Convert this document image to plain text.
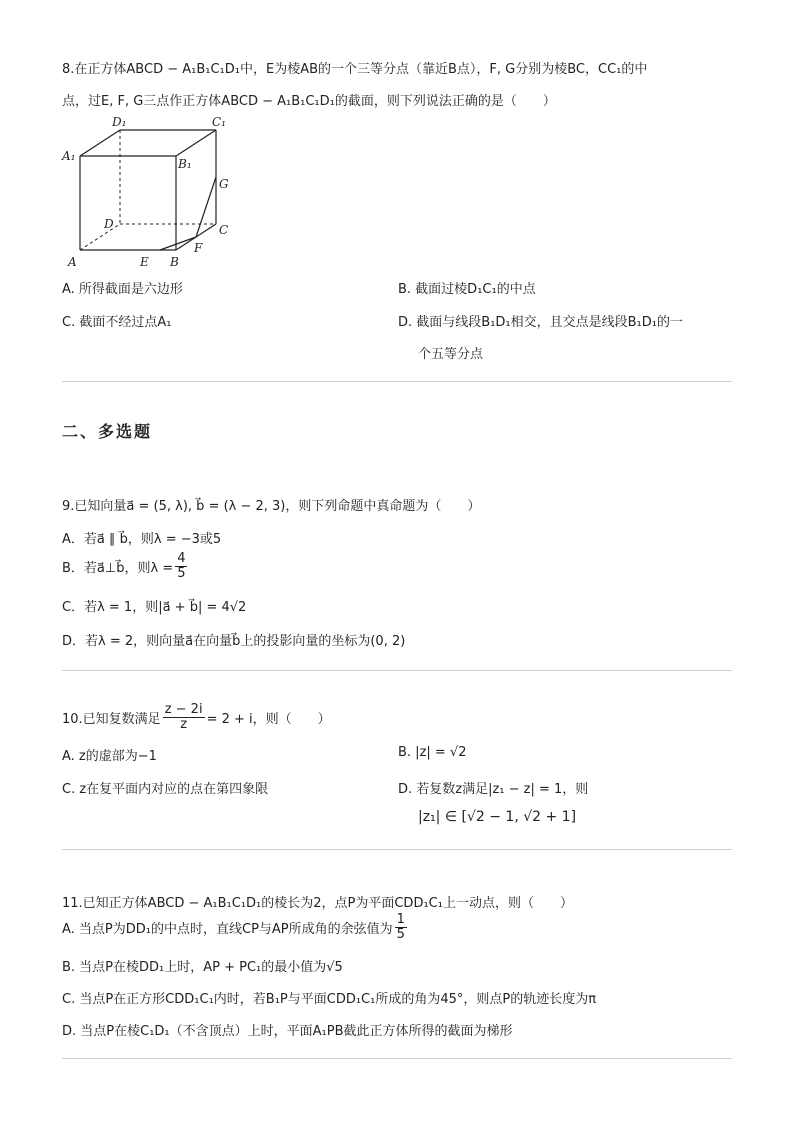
8.在正方体ABCD − A₁B₁C₁D₁中，E为棱AB的一个三等分点（靠近B点），F, G分别为棱BC，CC₁的中
点，过E, F, G三点作正方体ABCD − A₁B₁C₁D₁的截面，则下列说法正确的是（　　）
D₁	C₁
A₁
B₁
G
D	C
F
A	E B
A. 所得截面是六边形	B. 截面过棱D₁C₁的中点
C. 截面不经过点A₁	D. 截面与线段B₁D₁相交，且交点是线段B₁D₁的一
个五等分点
二、多选题
9.已知向量a⃗ = (5, λ), b⃗ = (λ − 2, 3)，则下列命题中真命题为（　　）
A．若a⃗ ∥ b⃗，则λ = −3或5
B．若a⃗⊥b⃗，则$\lambda = \frac{4}{5}$
C．若λ = 1，则|a⃗ + b⃗| = 4√2
D．若λ = 2，则向量a⃗在向量b⃗上的投影向量的坐标为(0, 2)
10.已知复数满足 $\frac{z - 2i}{z} = 2 + i$，则（　　）
A. z的虚部为−1	B. |z| = √2
C. z在复平面内对应的点在第四象限	D. 若复数z满足|z₁ − z| = 1，则
|z₁| ∈ [√2 − 1, √2 + 1]
11.已知正方体ABCD − A₁B₁C₁D₁的棱长为2，点P为平面CDD₁C₁上一动点，则（　　）
A. 当点P为DD₁的中点时，直线CP与AP所成角的余弦值为 $\frac{1}{5}$
B. 当点P在棱DD₁上时，AP + PC₁的最小值为√5
C. 当点P在正方形CDD₁C₁内时，若B₁P与平面CDD₁C₁所成的角为45°，则点P的轨迹长度为π
D. 当点P在棱C₁D₁（不含顶点）上时，平面A₁PB截此正方体所得的截面为梯形
